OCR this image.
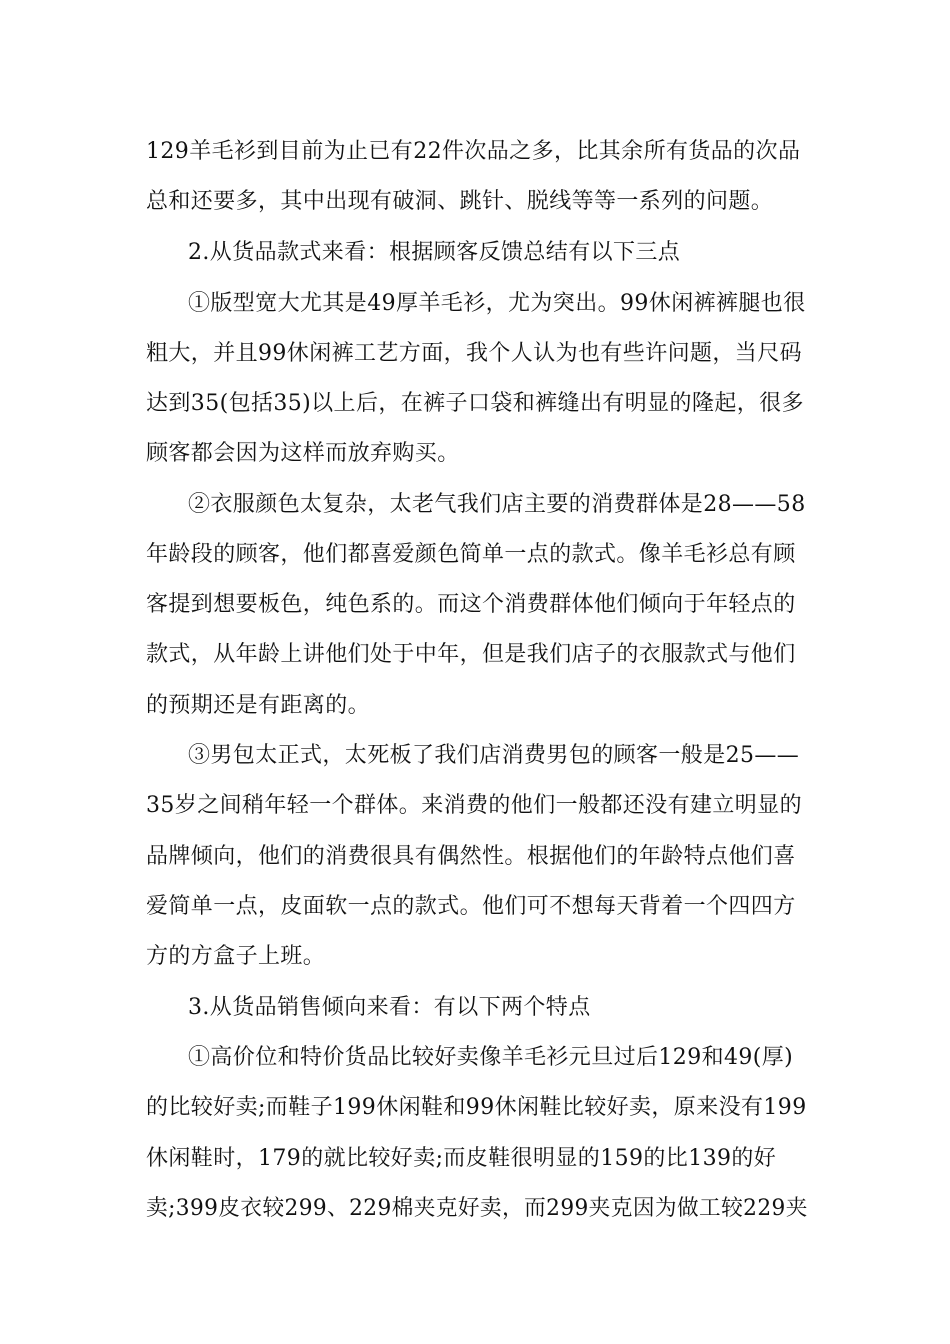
129羊毛衫到目前为止已有22件次品之多，比其余所有货品的次品
总和还要多，其中出现有破洞、跳针、脱线等等一系列的问题。
2.从货品款式来看：根据顾客反馈总结有以下三点
①版型宽大尤其是49厚羊毛衫，尤为突出。99休闲裤裤腿也很
粗大，并且99休闲裤工艺方面，我个人认为也有些许问题，当尺码
达到35(包括35)以上后，在裤子口袋和裤缝出有明显的隆起，很多
顾客都会因为这样而放弃购买。
②衣服颜色太复杂，太老气我们店主要的消费群体是28——58
年龄段的顾客，他们都喜爱颜色简单一点的款式。像羊毛衫总有顾
客提到想要板色，纯色系的。而这个消费群体他们倾向于年轻点的
款式，从年龄上讲他们处于中年，但是我们店子的衣服款式与他们
的预期还是有距离的。
③男包太正式，太死板了我们店消费男包的顾客一般是25——
35岁之间稍年轻一个群体。来消费的他们一般都还没有建立明显的
品牌倾向，他们的消费很具有偶然性。根据他们的年龄特点他们喜
爱简单一点，皮面软一点的款式。他们可不想每天背着一个四四方
方的方盒子上班。
3.从货品销售倾向来看：有以下两个特点
①高价位和特价货品比较好卖像羊毛衫元旦过后129和49(厚)
的比较好卖;而鞋子199休闲鞋和99休闲鞋比较好卖，原来没有199
休闲鞋时，179的就比较好卖;而皮鞋很明显的159的比139的好
卖;399皮衣较299、229棉夹克好卖，而299夹克因为做工较229夹
